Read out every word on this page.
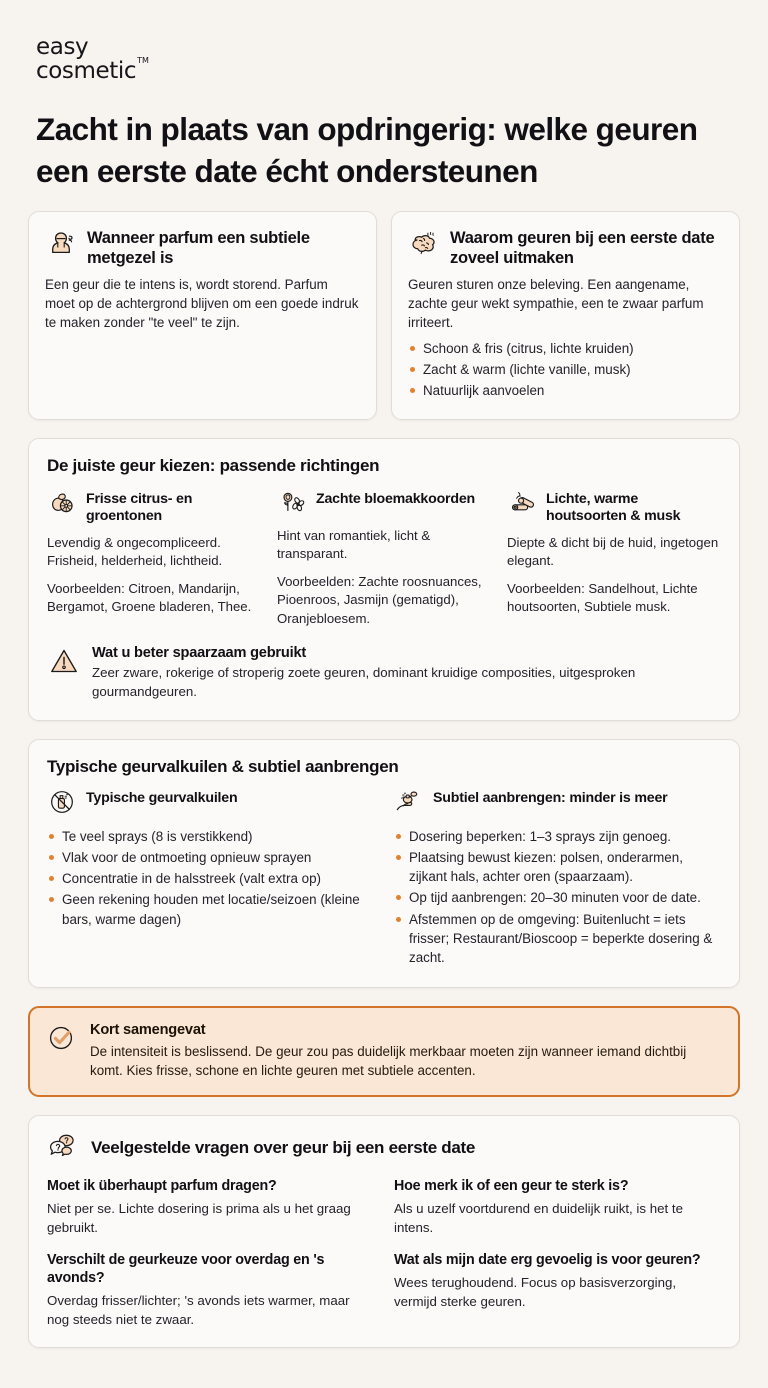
easy
cosmetic™
Zacht in plaats van opdringerig: welke geuren een eerste date écht ondersteunen
Wanneer parfum een subtiele metgezel is

Een geur die te intens is, wordt storend. Parfum moet op de achtergrond blijven om een goede indruk te maken zonder "te veel" te zijn.

Waarom geuren bij een eerste date zoveel uitmaken

Geuren sturen onze beleving. Een aangename, zachte geur wekt sympathie, een te zwaar parfum irriteert.

Schoon & fris (citrus, lichte kruiden)
Zacht & warm (lichte vanille, musk)
Natuurlijk aanvoelen
De juiste geur kiezen: passende richtingen
Frisse citrus- en groentonen

Levendig & ongecompliceerd. Frisheid, helderheid, lichtheid.

Voorbeelden: Citroen, Mandarijn, Bergamot, Groene bladeren, Thee.

Zachte bloemakkoorden

Hint van romantiek, licht & transparant.

Voorbeelden: Zachte roosnuances, Pioenroos, Jasmijn (gematigd), Oranjebloesem.

Lichte, warme houtsoorten & musk

Diepte & dicht bij de huid, ingetogen elegant.

Voorbeelden: Sandelhout, Lichte houtsoorten, Subtiele musk.

Wat u beter spaarzaam gebruikt
Zeer zware, rokerige of stroperig zoete geuren, dominant kruidige composities, uitgesproken gourmandgeuren.
Typische geurvalkuilen & subtiel aanbrengen
Typische geurvalkuilen
Te veel sprays (8 is verstikkend)
Vlak voor de ontmoeting opnieuw sprayen
Concentratie in de halsstreek (valt extra op)
Geen rekening houden met locatie/seizoen (kleine bars, warme dagen)
Subtiel aanbrengen: minder is meer
Dosering beperken: 1–3 sprays zijn genoeg.
Plaatsing bewust kiezen: polsen, onderarmen, zijkant hals, achter oren (spaarzaam).
Op tijd aanbrengen: 20–30 minuten voor de date.
Afstemmen op de omgeving: Buitenlucht = iets frisser; Restaurant/Bioscoop = beperkte dosering & zacht.
Kort samengevat
De intensiteit is beslissend. De geur zou pas duidelijk merkbaar moeten zijn wanneer iemand dichtbij komt. Kies frisse, schone en lichte geuren met subtiele accenten.
Veelgestelde vragen over geur bij een eerste date
Moet ik überhaupt parfum dragen?
Niet per se. Lichte dosering is prima als u het graag gebruikt.
Verschilt de geurkeuze voor overdag en 's avonds?
Overdag frisser/lichter; 's avonds iets warmer, maar nog steeds niet te zwaar.
Hoe merk ik of een geur te sterk is?
Als u uzelf voortdurend en duidelijk ruikt, is het te intens.
Wat als mijn date erg gevoelig is voor geuren?
Wees terughoudend. Focus op basisverzorging, vermijd sterke geuren.
